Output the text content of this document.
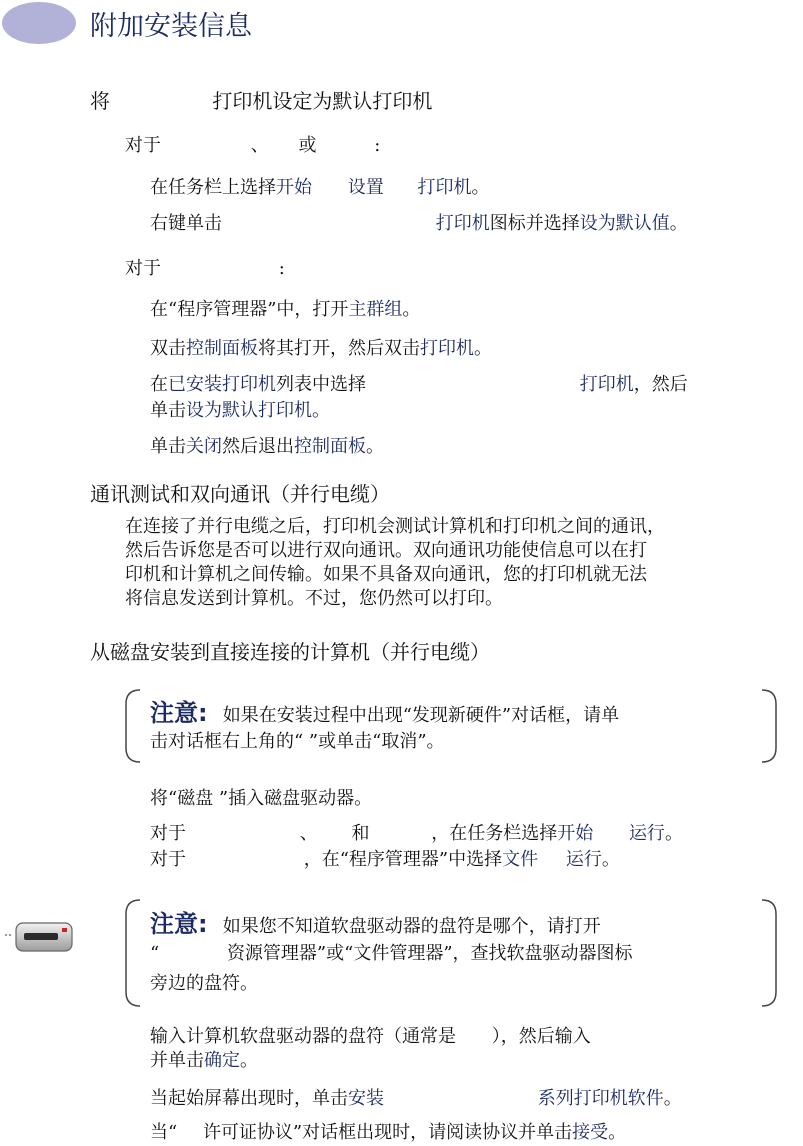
附加安装信息
将	打印机设定为默认打印机
对于	、 或	:
在任务栏上选择开始 设置 打印机。
右键单击	打印机图标并选择设为默认值。
对于	:
在“程序管理器”中，打开主群组。
双击控制面板将其打开，然后双击打印机。
在已安装打印机列表中选择	打印机，然后
单击设为默认打印机。
单击关闭然后退出控制面板。
通讯测试和双向通讯（并行电缆）
在连接了并行电缆之后，打印机会测试计算机和打印机之间的通讯，
然后告诉您是否可以进行双向通讯。双向通讯功能使信息可以在打
印机和计算机之间传输。如果不具备双向通讯，您的打印机就无法
将信息发送到计算机。不过，您仍然可以打印。
从磁盘安装到直接连接的计算机（并行电缆）
注意: 如果在安装过程中出现“发现新硬件”对话框，请单
击对话框右上角的“ ”或单击“取消”。
将“磁盘 ”插入磁盘驱动器。
对于	、 和	，在任务栏选择开始 运行。
对于	，在“程序管理器”中选择文件 运行。
注意: 如果您不知道软盘驱动器的盘符是哪个，请打开
“	资源管理器”或“文件管理器”，查找软盘驱动器图标
旁边的盘符。
输入计算机软盘驱动器的盘符（通常是 ），然后输入
并单击确定。
当起始屏幕出现时，单击安装	系列打印机软件。
当“ 许可证协议”对话框出现时，请阅读协议并单击接受。
